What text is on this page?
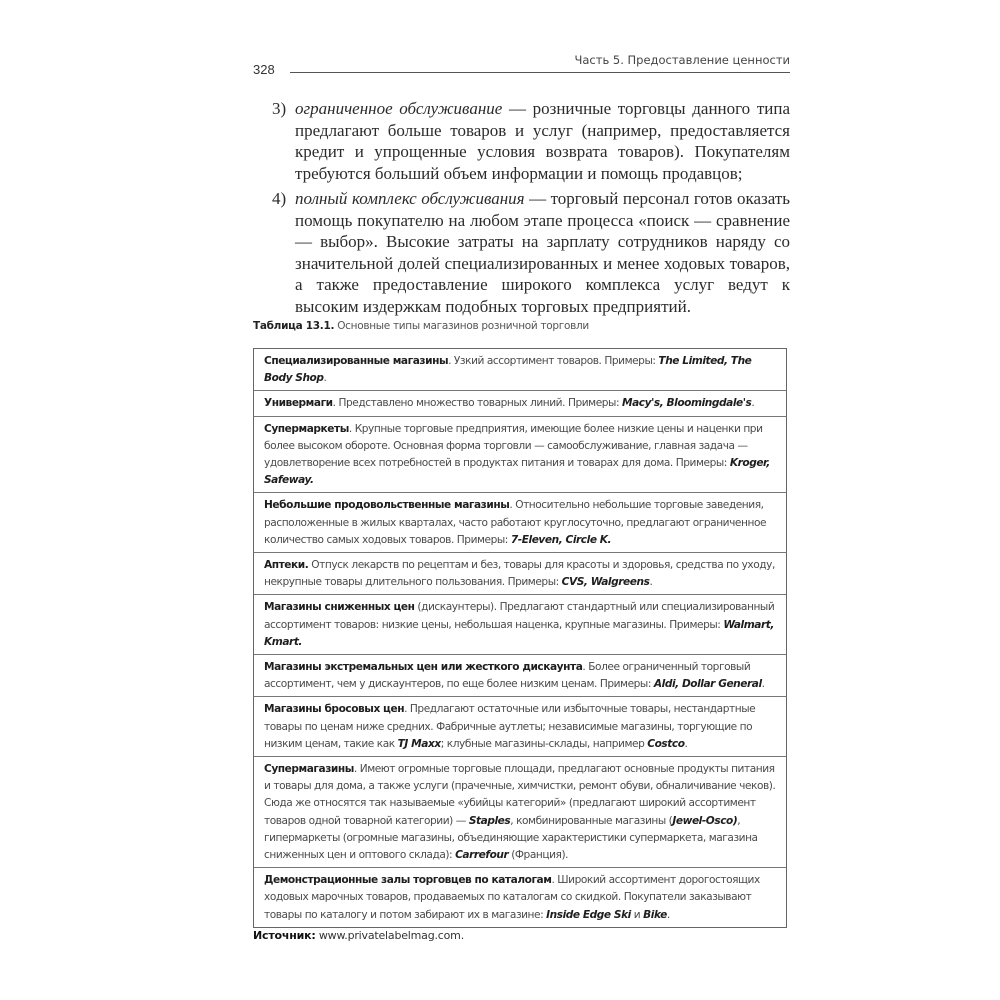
328
Часть 5. Предоставление ценности
3) ограниченное обслуживание — розничные торговцы данного типа предлагают больше товаров и услуг (например, предоставляется кредит и упрощенные условия возврата товаров). Покупателям требуются больший объем информации и помощь продавцов;
4) полный комплекс обслуживания — торговый персонал готов оказать помощь покупателю на любом этапе процесса «поиск — сравнение — выбор». Высокие затраты на зарплату сотрудников наряду со значительной долей специализированных и менее ходовых товаров, а также предоставление широкого комплекса услуг ведут к высоким издержкам подобных торговых предприятий.
Таблица 13.1. Основные типы магазинов розничной торговли
Специализированные магазины. Узкий ассортимент товаров. Примеры: The Limited, The Body Shop.
Универмаги. Представлено множество товарных линий. Примеры: Macy's, Bloomingdale's.
Супермаркеты. Крупные торговые предприятия, имеющие более низкие цены и наценки при более высоком обороте. Основная форма торговли — самообслуживание, главная задача — удовлетворение всех потребностей в продуктах питания и товарах для дома. Примеры: Kroger, Safeway.
Небольшие продовольственные магазины. Относительно небольшие торговые заведения, расположенные в жилых кварталах, часто работают круглосуточно, предлагают ограниченное количество самых ходовых товаров. Примеры: 7-Eleven, Circle K.
Аптеки. Отпуск лекарств по рецептам и без, товары для красоты и здоровья, средства по уходу, некрупные товары длительного пользования. Примеры: CVS, Walgreens.
Магазины сниженных цен (дискаунтеры). Предлагают стандартный или специализированный ассортимент товаров: низкие цены, небольшая наценка, крупные магазины. Примеры: Walmart, Kmart.
Магазины экстремальных цен или жесткого дискаунта. Более ограниченный торговый ассортимент, чем у дискаунтеров, по еще более низким ценам. Примеры: Aldi, Dollar General.
Магазины бросовых цен. Предлагают остаточные или избыточные товары, нестандартные товары по ценам ниже средних. Фабричные аутлеты; независимые магазины, торгующие по низким ценам, такие как TJ Maxx; клубные магазины-склады, например Costco.
Супермагазины. Имеют огромные торговые площади, предлагают основные продукты питания и товары для дома, а также услуги (прачечные, химчистки, ремонт обуви, обналичивание чеков). Сюда же относятся так называемые «убийцы категорий» (предлагают широкий ассортимент товаров одной товарной категории) — Staples, комбинированные магазины (Jewel-Osco), гипермаркеты (огромные магазины, объединяющие характеристики супермаркета, магазина сниженных цен и оптового склада): Carrefour (Франция).
Демонстрационные залы торговцев по каталогам. Широкий ассортимент дорогостоящих ходовых марочных товаров, продаваемых по каталогам со скидкой. Покупатели заказывают товары по каталогу и потом забирают их в магазине: Inside Edge Ski и Bike.
Источник: www.privatelabelmag.com.
